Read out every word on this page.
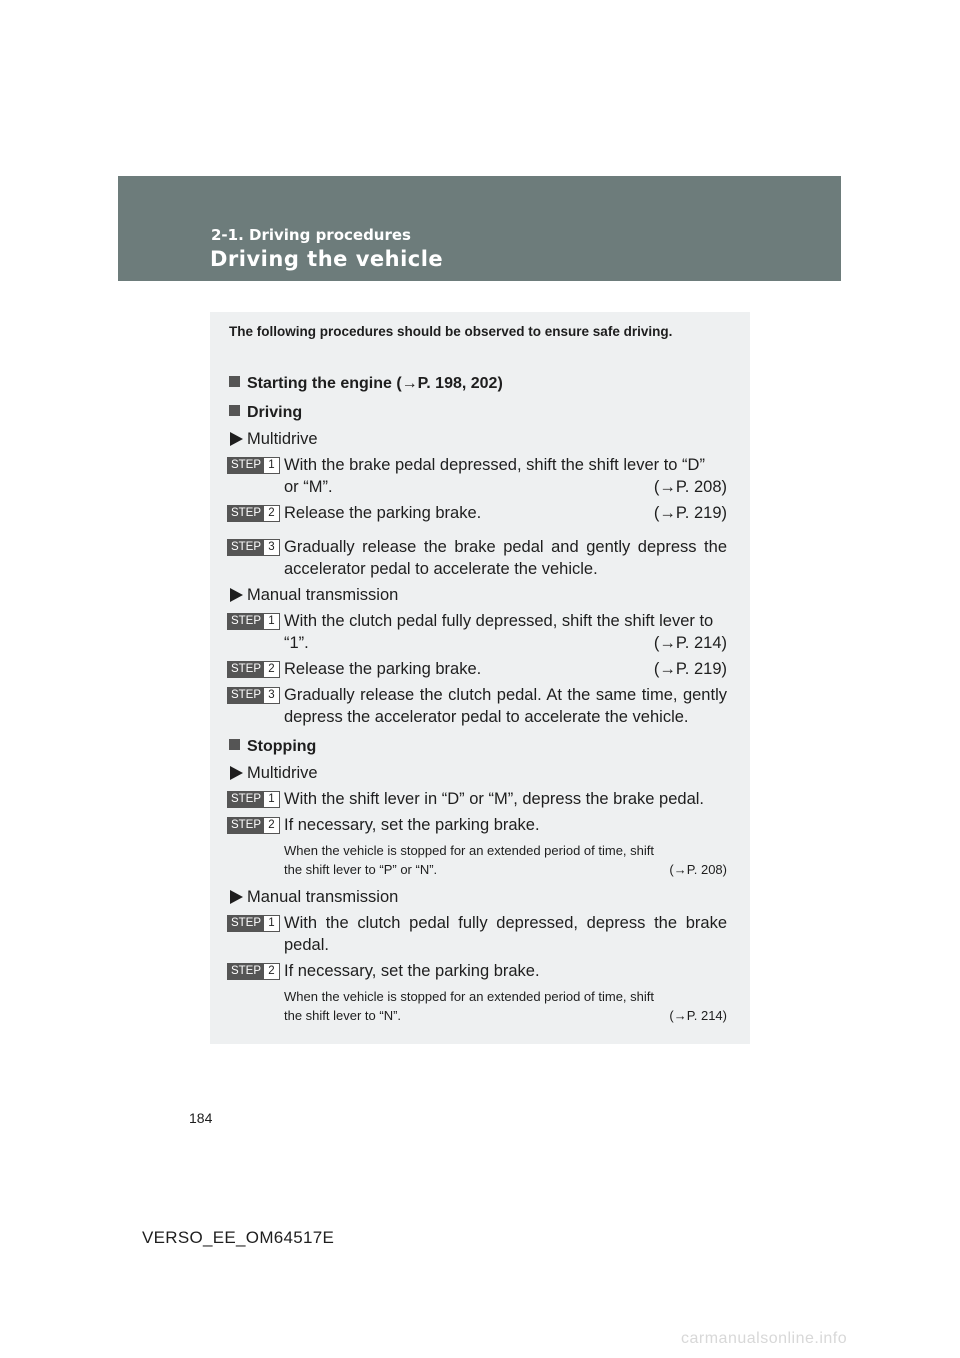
2-1. Driving procedures
Driving the vehicle
The following procedures should be observed to ensure safe driving.
Starting the engine (→P. 198, 202)
Driving
Multidrive
STEP 1 With the brake pedal depressed, shift the shift lever to “D”
or “M”.	(→P. 208)
STEP 2 Release the parking brake.	(→P. 219)
STEP 3 Gradually release the brake pedal and gently depress the accelerator pedal to accelerate the vehicle.
Manual transmission
STEP 1 With the clutch pedal fully depressed, shift the shift lever to
“1”.	(→P. 214)
STEP 2 Release the parking brake.	(→P. 219)
STEP 3 Gradually release the clutch pedal. At the same time, gently depress the accelerator pedal to accelerate the vehicle.
Stopping
Multidrive
STEP 1 With the shift lever in “D” or “M”, depress the brake pedal.
STEP 2 If necessary, set the parking brake.
When the vehicle is stopped for an extended period of time, shift
the shift lever to “P” or “N”.	(→P. 208)
Manual transmission
STEP 1 With the clutch pedal fully depressed, depress the brake pedal.
STEP 2 If necessary, set the parking brake.
When the vehicle is stopped for an extended period of time, shift
the shift lever to “N”.	(→P. 214)
184
VERSO_EE_OM64517E
carmanualsonline.info
